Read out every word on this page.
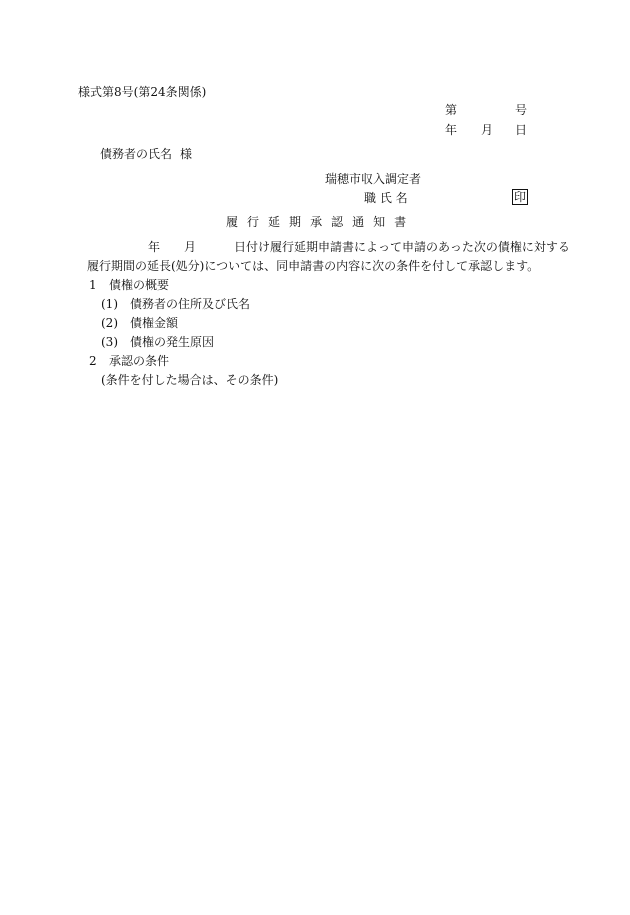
様式第8号(第24条関係)
第	号
年 月 日
債務者の氏名 様
瑞穂市収入調定者
職 氏 名	印
履 行 延 期 承 認 通 知 書
年 月	日付け履行延期申請書によって申請のあった次の債権に対する
履行期間の延長(処分)については、同申請書の内容に次の条件を付して承認します。
1 債権の概要
(1) 債務者の住所及び氏名
(2) 債権金額
(3) 債権の発生原因
2 承認の条件
(条件を付した場合は、その条件)
